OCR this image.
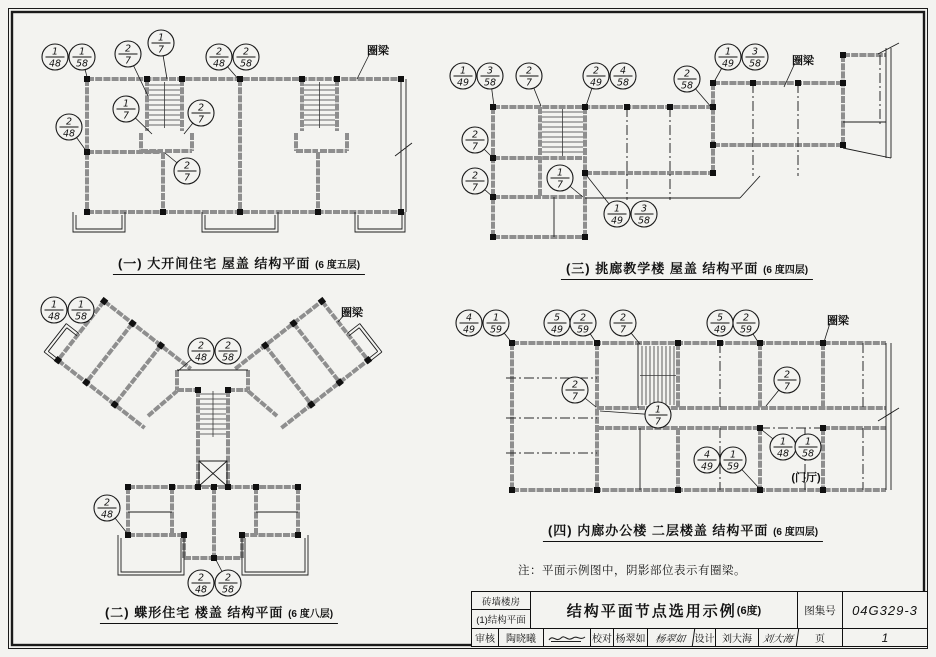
1
48
1
58
2
7
1
7	2
48
2
58
2
48
1
7
2
7
2
7
圈梁
1
48
1
58
2
48
2
58
2
48
2
48
2
58
圈梁
1
49
3
58
2
7
2
49
4
58
2
58
1
49
3
58
2
7
2
7
1
7
1
49
3
58
圈梁
4
49
1
59
5
49
2
59
2
7
5
49
2
59
2
7
1
7
2
7
4
49
1
59
1
48
1
58
圈梁
(门厅)
(一) 大开间住宅 屋盖 结构平面 (6 度五层)
(二) 蝶形住宅 楼盖 结构平面 (6 度八层)
(三) 挑廊教学楼 屋盖 结构平面 (6 度四层)
(四) 内廊办公楼 二层楼盖 结构平面 (6 度四层)
注：平面示例图中，阴影部位表示有圈梁。
砖墙楼房
(1)结构平面
结构平面节点选用示例 (6度)	图集号	04G329-3
审核	陶晓曦	校对 杨翠如 杨翠如 设计 刘大海 刘大海	页	1
